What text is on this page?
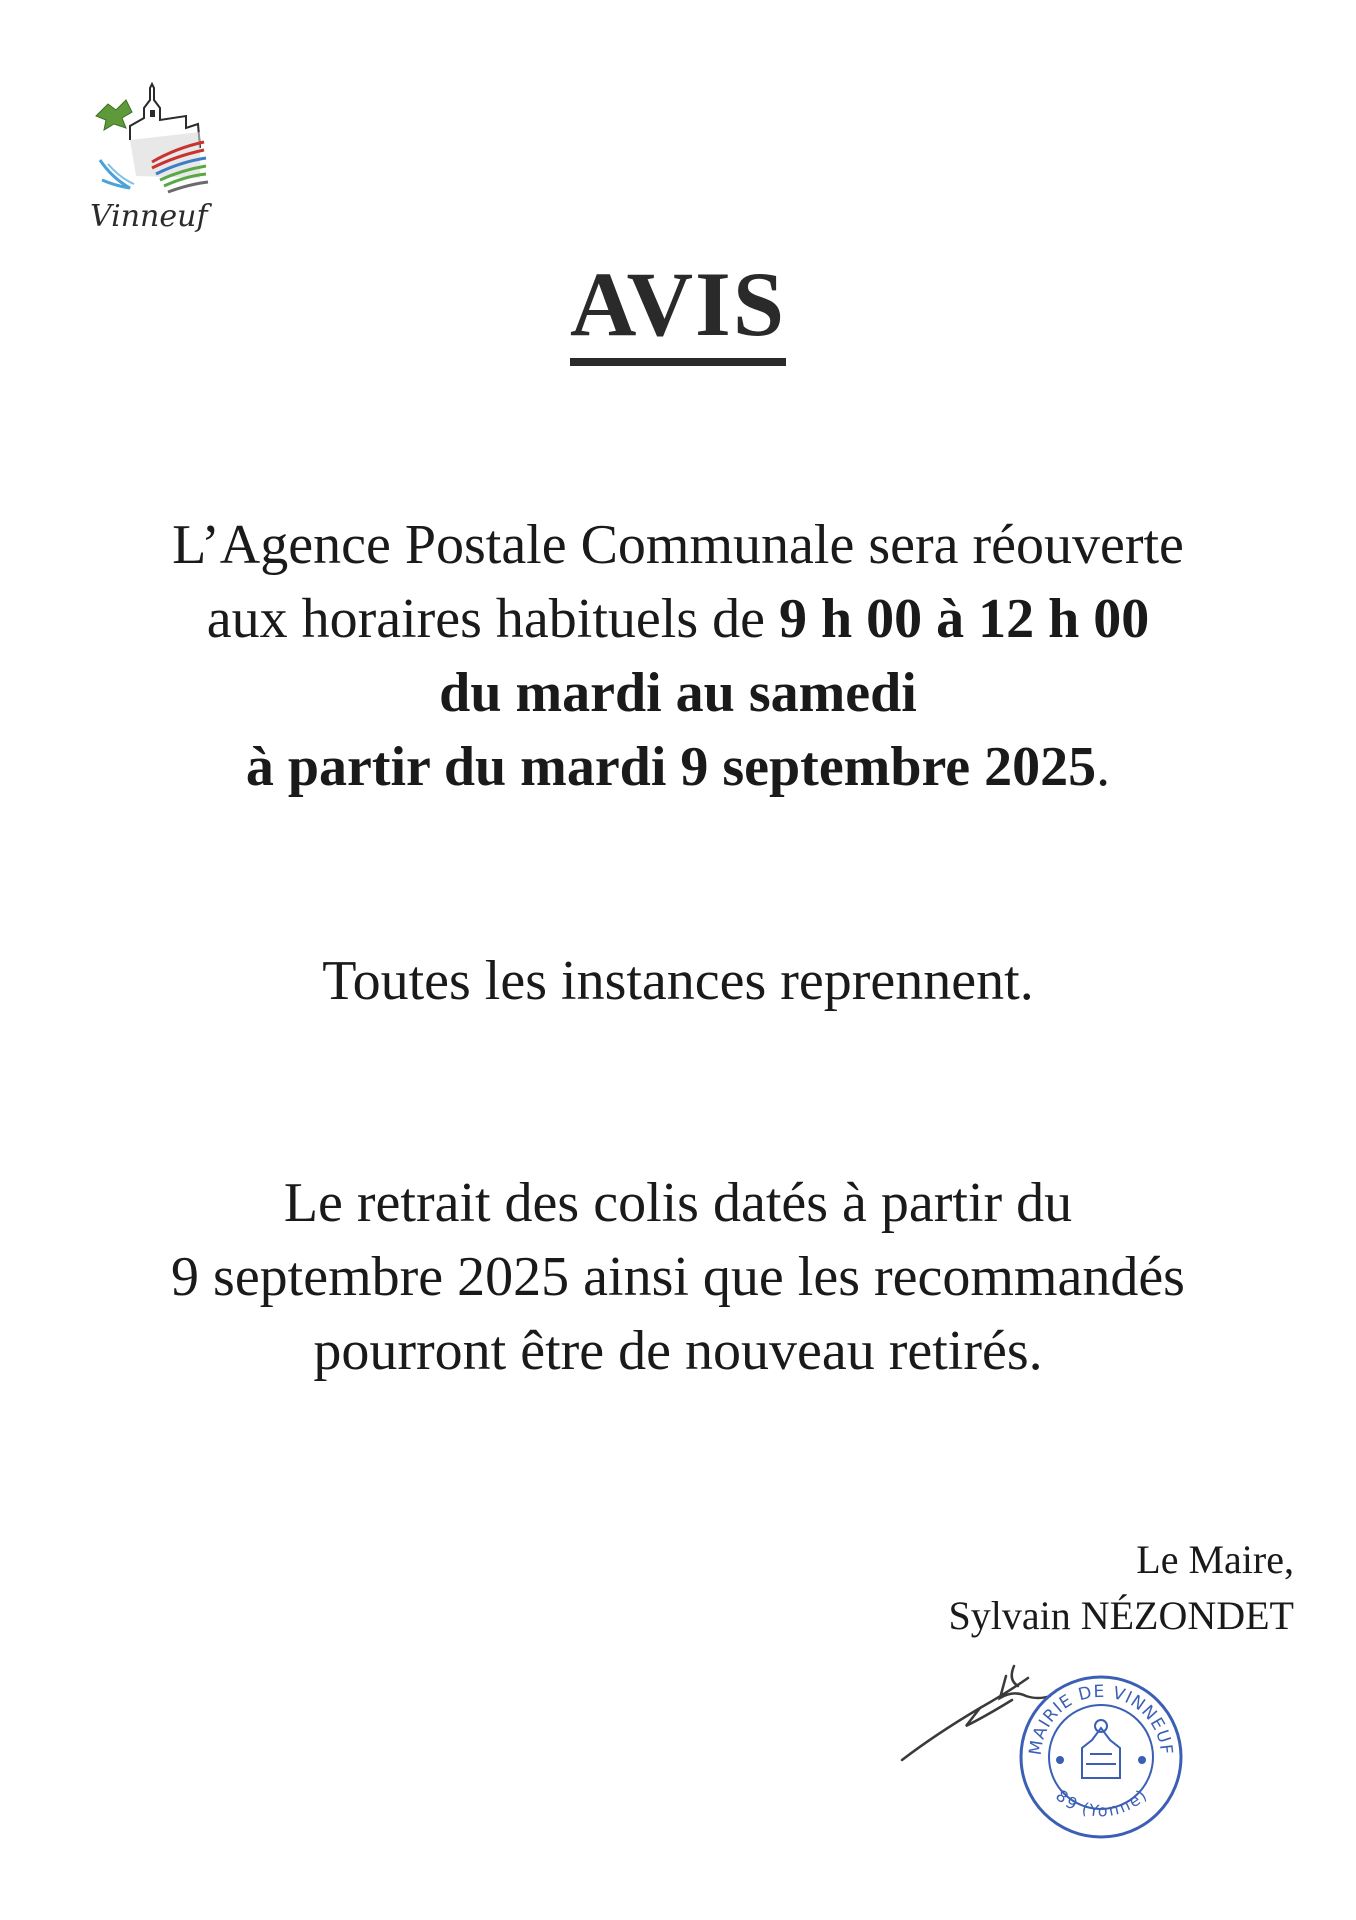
Vinneuf
AVIS
L’Agence Postale Communale sera réouverte
aux horaires habituels de 9 h 00 à 12 h 00
du mardi au samedi
à partir du mardi 9 septembre 2025.
Toutes les instances reprennent.
Le retrait des colis datés à partir du
9 septembre 2025 ainsi que les recommandés
pourront être de nouveau retirés.
Le Maire,
Sylvain NÉZONDET
MAIRIE DE VINNEUF
89 (Yonne)
